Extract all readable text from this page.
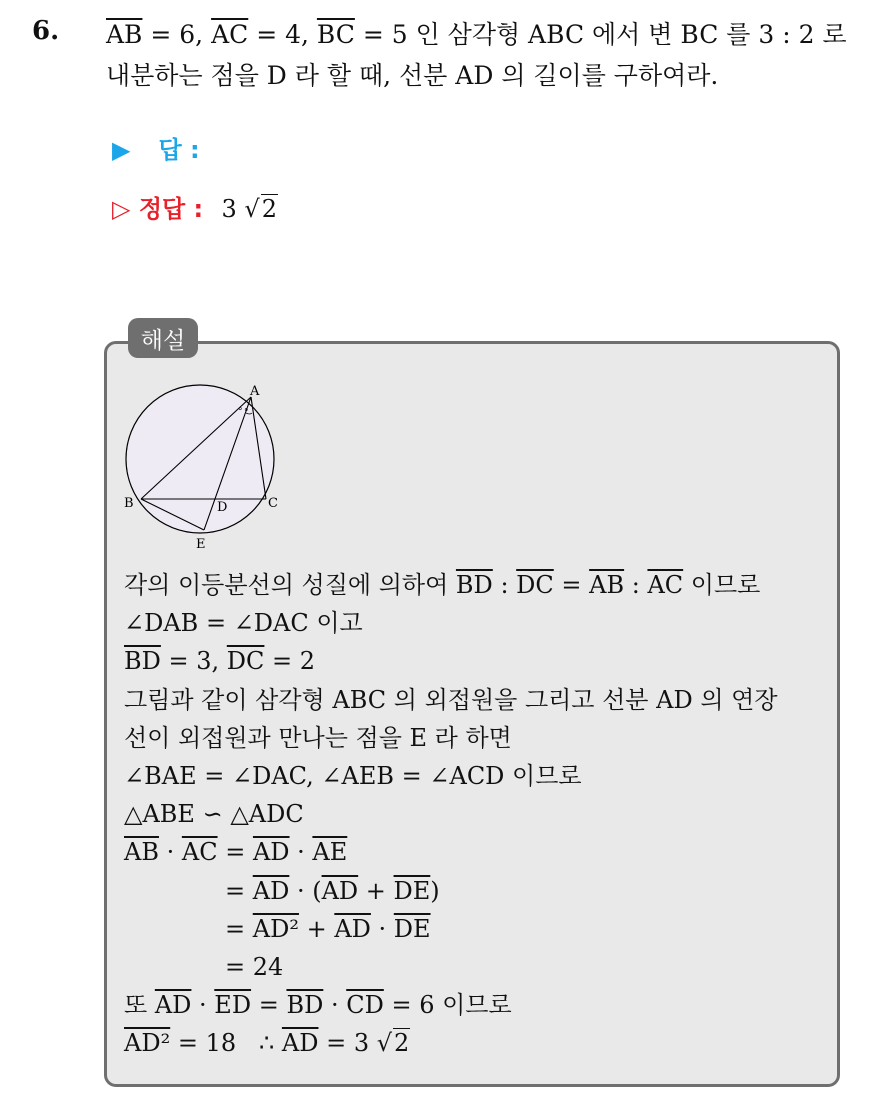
6. $\overline{AB} = 6$, $\overline{AC} = 4$, $\overline{BC} = 5$ 인 삼각형 ABC 에서 변 BC 를 3 : 2 로
내분하는 점을 D 라 할 때, 선분 AD 의 길이를 구하여라.
▶ 답 :
▷ 정답 : 3 √2
해설
° °
A
B	C
D
E
각의 이등분선의 성질에 의하여 $\overline{BD}$ : $\overline{DC} = \overline{AB}$ : $\overline{AC}$ 이므로
∠DAB = ∠DAC 이고
$\overline{BD} = 3$, $\overline{DC} = 2$
그림과 같이 삼각형 ABC 의 외접원을 그리고 선분 AD 의 연장
선이 외접원과 만나는 점을 E 라 하면
∠BAE = ∠DAC, ∠AEB = ∠ACD 이므로
△ABE ∽ △ADC
$\overline{AB} \cdot \overline{AC} = \overline{AD} \cdot \overline{AE}$
= $\overline{AD} \cdot (\overline{AD} + \overline{DE})$
= $AD^2 + \overline{AD} \cdot \overline{DE}$
= 24
또 $\overline{AD} \cdot \overline{ED} = \overline{BD} \cdot \overline{CD} = 6$ 이므로
AD² = 18   ∴ $\overline{AD} = 3$ √2
